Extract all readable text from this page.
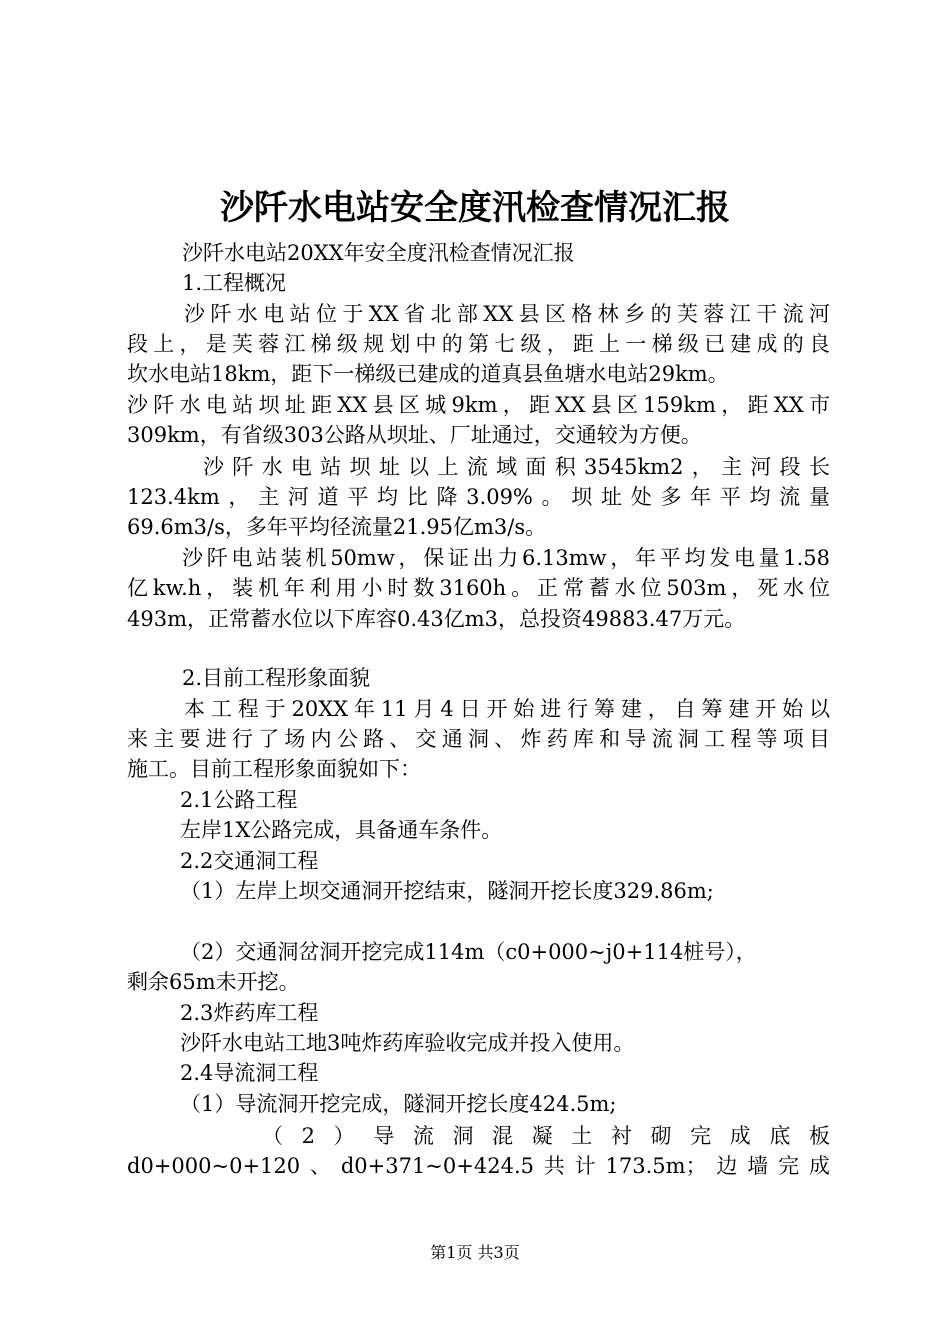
沙阡水电站安全度汛检查情况汇报
沙阡水电站20XX年安全度汛检查情况汇报
1.工程概况
沙阡水电站位于XX省北部XX县区格林乡的芙蓉江干流河
段上，是芙蓉江梯级规划中的第七级，距上一梯级已建成的良
坎水电站18km，距下一梯级已建成的道真县鱼塘水电站29km。
沙阡水电站坝址距XX县区城9km，距XX县区159km，距XX市
309km，有省级303公路从坝址、厂址通过，交通较为方便。
沙阡水电站坝址以上流域面积3545km2，主河段长
123.4km，主河道平均比降3.09%。坝址处多年平均流量
69.6m3/s，多年平均径流量21.95亿m3/s。
沙阡电站装机50mw，保证出力6.13mw，年平均发电量1.58
亿kw.h，装机年利用小时数3160h。正常蓄水位503m，死水位
493m，正常蓄水位以下库容0.43亿m3，总投资49883.47万元。
2.目前工程形象面貌
本工程于20XX年11月4日开始进行筹建，自筹建开始以
来主要进行了场内公路、交通洞、炸药库和导流洞工程等项目
施工。目前工程形象面貌如下：
2.1公路工程
左岸1X公路完成，具备通车条件。
2.2交通洞工程
（1）左岸上坝交通洞开挖结束，隧洞开挖长度329.86m;
（2）交通洞岔洞开挖完成114m（c0+000~j0+114桩号），
剩余65m未开挖。
2.3炸药库工程
沙阡水电站工地3吨炸药库验收完成并投入使用。
2.4导流洞工程
（1）导流洞开挖完成，隧洞开挖长度424.5m;
（2）导流洞混凝土衬砌完成底板
d0+000~0+120、d0+371~0+424.5共计173.5m；边墙完成
第1页 共3页
